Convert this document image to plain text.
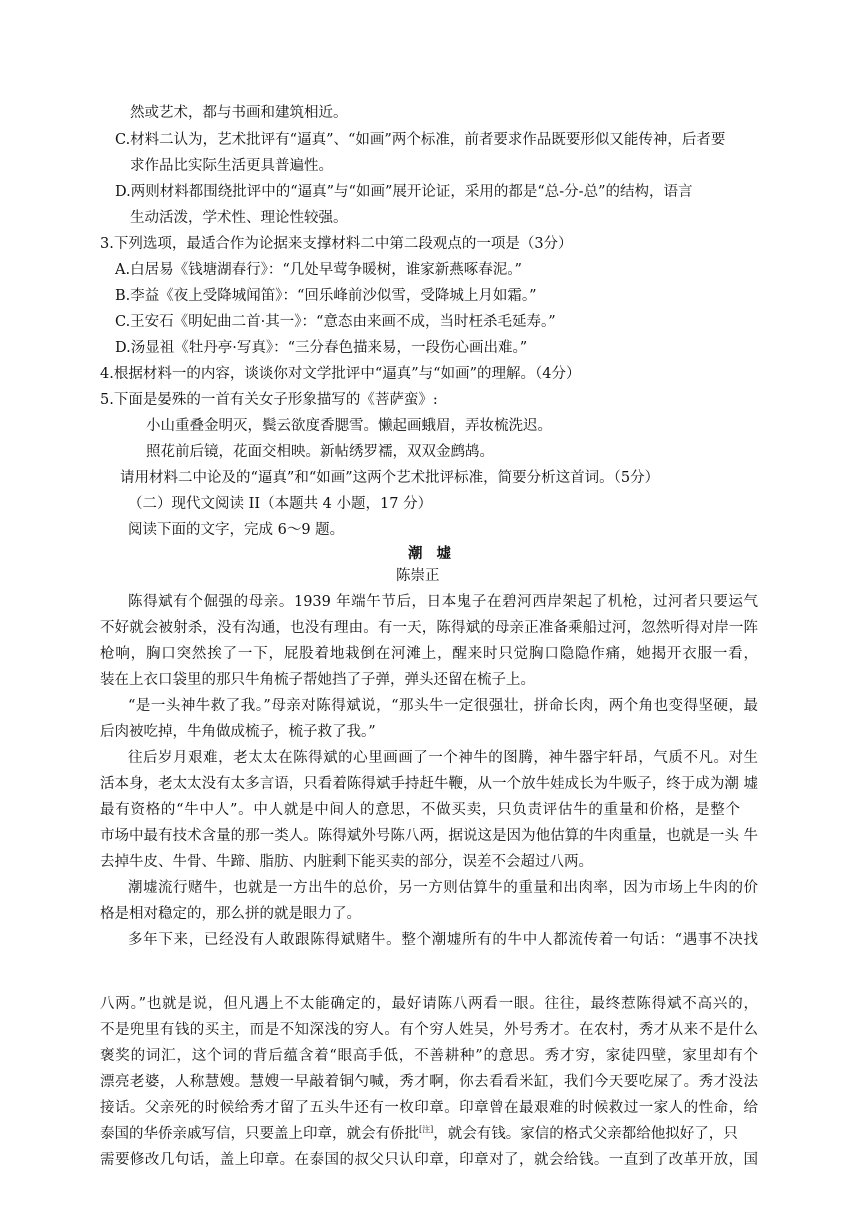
然或艺术，都与书画和建筑相近。
C.材料二认为，艺术批评有“逼真”、“如画”两个标准，前者要求作品既要形似又能传神，后者要
求作品比实际生活更具普遍性。
D.两则材料都围绕批评中的“逼真”与“如画”展开论证，采用的都是“总-分-总”的结构，语言
生动活泼，学术性、理论性较强。
3.下列选项，最适合作为论据来支撑材料二中第二段观点的一项是（3分）
A.白居易《钱塘湖春行》：“几处早莺争暖树，谁家新燕啄春泥。”
B.李益《夜上受降城闻笛》：“回乐峰前沙似雪，受降城上月如霜。”
C.王安石《明妃曲二首·其一》：“意态由来画不成，当时枉杀毛延寿。”
D.汤显祖《牡丹亭·写真》：“三分春色描来易，一段伤心画出难。”
4.根据材料一的内容，谈谈你对文学批评中“逼真”与“如画”的理解。（4分）
5.下面是晏殊的一首有关女子形象描写的《菩萨蛮》:
小山重叠金明灭，鬓云欲度香腮雪。懒起画蛾眉，弄妆梳洗迟。
照花前后镜，花面交相映。新帖绣罗襦，双双金鹧鸪。
请用材料二中论及的“逼真”和“如画”这两个艺术批评标准，简要分析这首词。（5分）
（二）现代文阅读 II（本题共 4 小题，17 分）
阅读下面的文字，完成 6～9 题。
潮墟
陈崇正
陈得斌有个倔强的母亲。1939 年端午节后，日本鬼子在碧河西岸架起了机枪，过河者只要运气
不好就会被射杀，没有沟通，也没有理由。有一天，陈得斌的母亲正准备乘船过河，忽然听得对岸一阵
枪响，胸口突然挨了一下，屁股着地栽倒在河滩上，醒来时只觉胸口隐隐作痛，她揭开衣服一看，
装在上衣口袋里的那只牛角梳子帮她挡了子弹，弹头还留在梳子上。
“是一头神牛救了我。”母亲对陈得斌说，“那头牛一定很强壮，拼命长肉，两个角也变得坚硬，最
后肉被吃掉，牛角做成梳子，梳子救了我。”
往后岁月艰难，老太太在陈得斌的心里画画了一个神牛的图腾，神牛器宇轩昂，气质不凡。对生
活本身，老太太没有太多言语，只看着陈得斌手持赶牛鞭，从一个放牛娃成长为牛贩子，终于成为潮 墟
最有资格的“牛中人”。中人就是中间人的意思，不做买卖，只负责评估牛的重量和价格，是整个
市场中最有技术含量的那一类人。陈得斌外号陈八两，据说这是因为他估算的牛肉重量，也就是一头 牛
去掉牛皮、牛骨、牛蹄、脂肪、内脏剩下能买卖的部分，误差不会超过八两。
潮墟流行赌牛，也就是一方出牛的总价，另一方则估算牛的重量和出肉率，因为市场上牛肉的价
格是相对稳定的，那么拼的就是眼力了。
多年下来，已经没有人敢跟陈得斌赌牛。整个潮墟所有的牛中人都流传着一句话：“遇事不决找
八两。”也就是说，但凡遇上不太能确定的，最好请陈八两看一眼。往往，最终惹陈得斌不高兴的，
不是兜里有钱的买主，而是不知深浅的穷人。有个穷人姓吴，外号秀才。在农村，秀才从来不是什么
褒奖的词汇，这个词的背后蕴含着“眼高手低，不善耕种”的意思。秀才穷，家徒四壁，家里却有个
漂亮老婆，人称慧嫂。慧嫂一早敲着铜勺喊，秀才啊，你去看看米缸，我们今天要吃屎了。秀才没法
接话。父亲死的时候给秀才留了五头牛还有一枚印章。印章曾在最艰难的时候救过一家人的性命，给
泰国的华侨亲戚写信，只要盖上印章，就会有侨批[注]，就会有钱。家信的格式父亲都给他拟好了，只
需要修改几句话，盖上印章。在泰国的叔父只认印章，印章对了，就会给钱。一直到了改革开放，国
